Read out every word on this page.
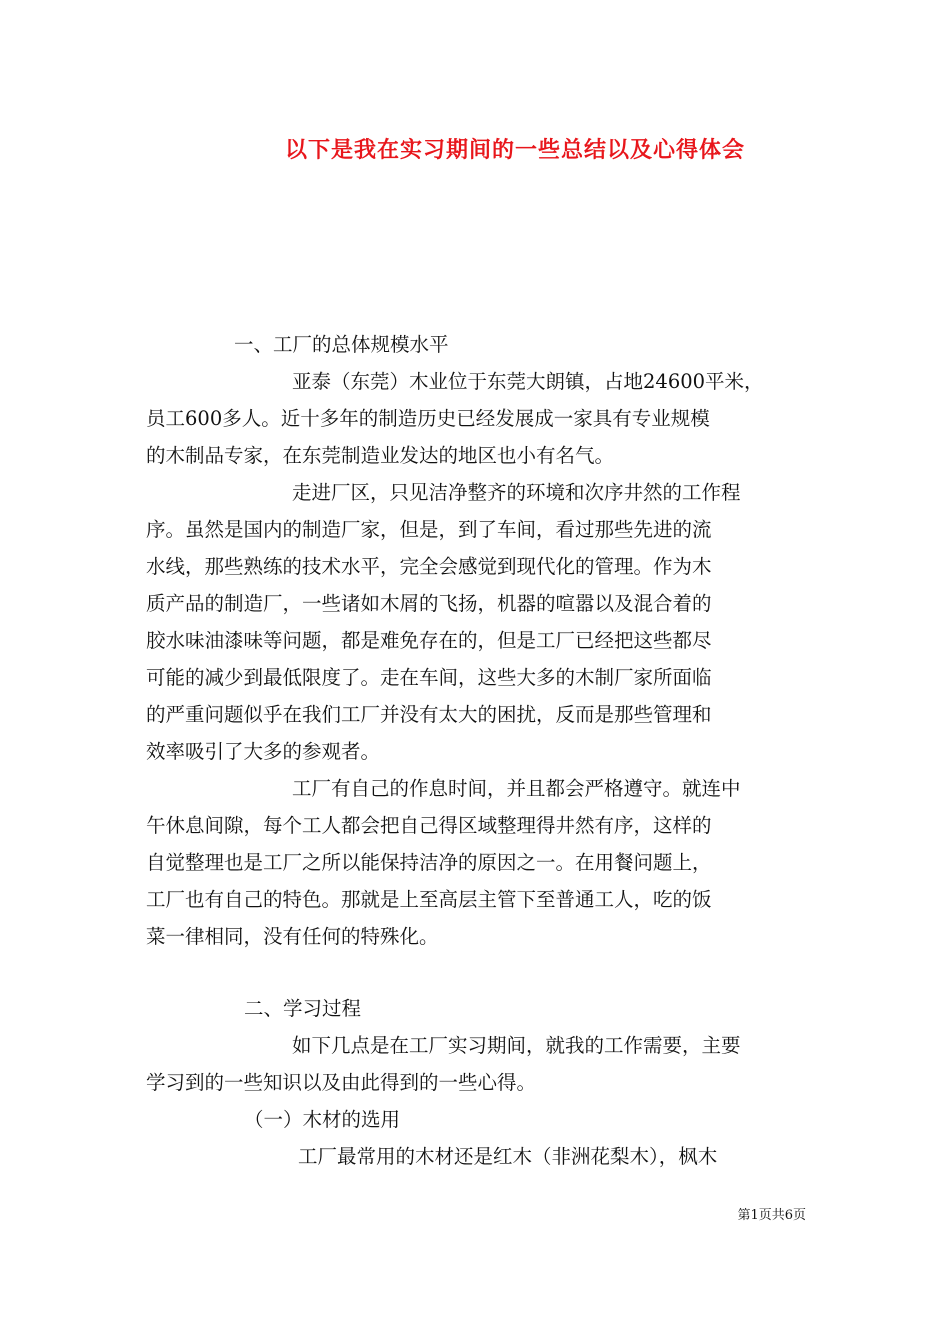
以下是我在实习期间的一些总结以及心得体会
一、工厂的总体规模水平
亚泰（东莞）木业位于东莞大朗镇，占地24600平米，
员工600多人。近十多年的制造历史已经发展成一家具有专业规模
的木制品专家，在东莞制造业发达的地区也小有名气。
走进厂区，只见洁净整齐的环境和次序井然的工作程
序。虽然是国内的制造厂家，但是，到了车间，看过那些先进的流
水线，那些熟练的技术水平，完全会感觉到现代化的管理。作为木
质产品的制造厂，一些诸如木屑的飞扬，机器的喧嚣以及混合着的
胶水味油漆味等问题，都是难免存在的，但是工厂已经把这些都尽
可能的减少到最低限度了。走在车间，这些大多的木制厂家所面临
的严重问题似乎在我们工厂并没有太大的困扰，反而是那些管理和
效率吸引了大多的参观者。
工厂有自己的作息时间，并且都会严格遵守。就连中
午休息间隙，每个工人都会把自己得区域整理得井然有序，这样的
自觉整理也是工厂之所以能保持洁净的原因之一。在用餐问题上，
工厂也有自己的特色。那就是上至高层主管下至普通工人，吃的饭
菜一律相同，没有任何的特殊化。
二、学习过程
如下几点是在工厂实习期间，就我的工作需要，主要
学习到的一些知识以及由此得到的一些心得。
（一）木材的选用
工厂最常用的木材还是红木（非洲花梨木），枫木
第1页共6页
